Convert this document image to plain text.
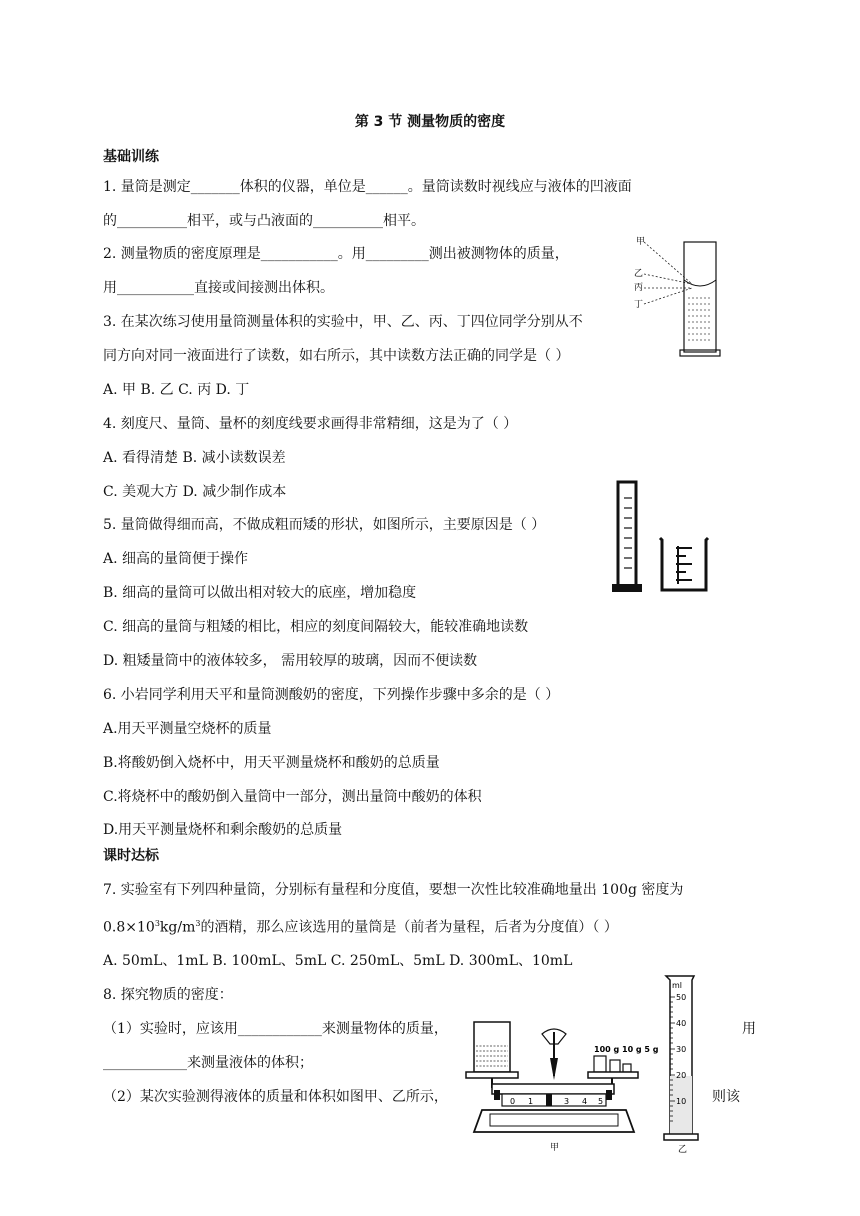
第 3 节 测量物质的密度
基础训练
1. 量筒是测定_______体积的仪器，单位是______。量筒读数时视线应与液体的凹液面
的__________相平，或与凸液面的__________相平。
2. 测量物质的密度原理是___________。用_________测出被测物体的质量，
用___________直接或间接测出体积。
3. 在某次练习使用量筒测量体积的实验中，甲、乙、丙、丁四位同学分别从不
同方向对同一液面进行了读数，如右所示，其中读数方法正确的同学是（ ）
A. 甲 B. 乙 C. 丙 D. 丁
4. 刻度尺、量筒、量杯的刻度线要求画得非常精细，这是为了（ ）
A. 看得清楚 B. 减小读数误差
C. 美观大方 D. 减少制作成本
5. 量筒做得细而高，不做成粗而矮的形状，如图所示，主要原因是（ ）
A. 细高的量筒便于操作
B. 细高的量筒可以做出相对较大的底座，增加稳度
C. 细高的量筒与粗矮的相比，相应的刻度间隔较大，能较准确地读数
D. 粗矮量筒中的液体较多， 需用较厚的玻璃，因而不便读数
6. 小岩同学利用天平和量筒测酸奶的密度，下列操作步骤中多余的是（ ）
A.用天平测量空烧杯的质量
B.将酸奶倒入烧杯中，用天平测量烧杯和酸奶的总质量
C.将烧杯中的酸奶倒入量筒中一部分，测出量筒中酸奶的体积
D.用天平测量烧杯和剩余酸奶的总质量
课时达标
7. 实验室有下列四种量筒，分别标有量程和分度值，要想一次性比较准确地量出 100g 密度为
$0.8\times 10^3kg/m^3$的酒精，那么应该选用的量筒是（前者为量程，后者为分度值）（ ）
A. 50mL、1mL B. 100mL、5mL C. 250mL、5mL D. 300mL、10mL
8. 探究物质的密度：
（1）实验时，应该用____________来测量物体的质量，
____________来测量液体的体积；
（2）某次实验测得液体的质量和体积如图甲、乙所示，
用
则该
甲
乙
丙
丁
100 g 10 g 5 g
0 1	3 4 5
甲
ml
50
40
30
20
10
乙
